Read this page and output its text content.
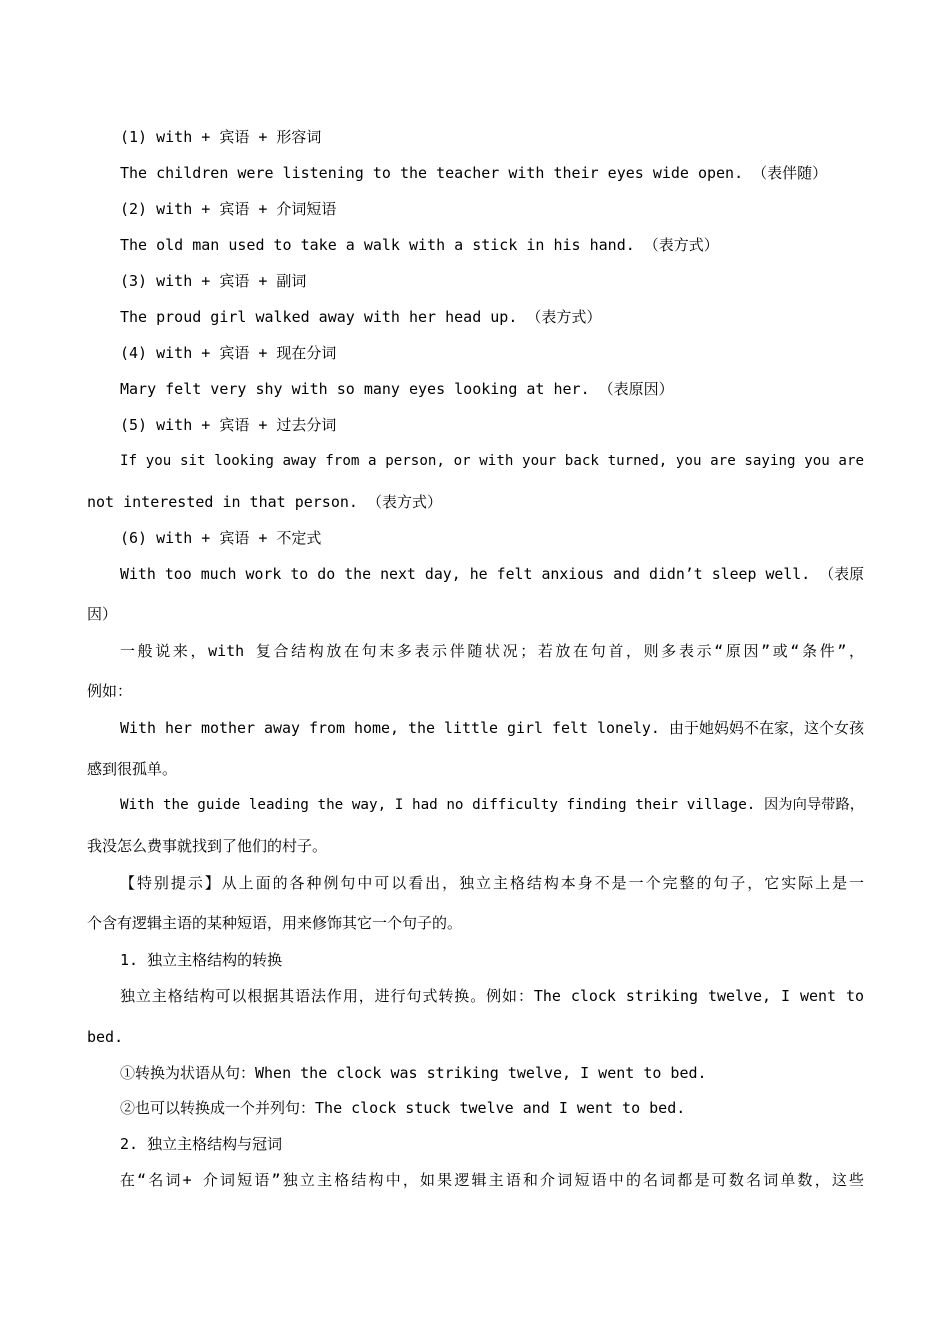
(1) with + 宾语 + 形容词
The children were listening to the teacher with their eyes wide open. （表伴随）
(2) with + 宾语 + 介词短语
The old man used to take a walk with a stick in his hand. （表方式）
(3) with + 宾语 + 副词
The proud girl walked away with her head up. （表方式）
(4) with + 宾语 + 现在分词
Mary felt very shy with so many eyes looking at her. （表原因）
(5) with + 宾语 + 过去分词
If you sit looking away from a person, or with your back turned, you are saying you are
not interested in that person. （表方式）
(6) with + 宾语 + 不定式
With too much work to do the next day, he felt anxious and didn’t sleep well. （表原
因）
一般说来，with 复合结构放在句末多表示伴随状况；若放在句首，则多表示“原因”或“条件”，
例如：
With her mother away from home, the little girl felt lonely. 由于她妈妈不在家，这个女孩
感到很孤单。
With the guide leading the way, I had no difficulty finding their village. 因为向导带路，
我没怎么费事就找到了他们的村子。
【特别提示】从上面的各种例句中可以看出，独立主格结构本身不是一个完整的句子，它实际上是一
个含有逻辑主语的某种短语，用来修饰其它一个句子的。
1. 独立主格结构的转换
独立主格结构可以根据其语法作用，进行句式转换。例如：The clock striking twelve, I went to
bed.
①转换为状语从句：When the clock was striking twelve, I went to bed.
②也可以转换成一个并列句：The clock stuck twelve and I went to bed.
2. 独立主格结构与冠词
在“名词+ 介词短语”独立主格结构中，如果逻辑主语和介词短语中的名词都是可数名词单数，这些
